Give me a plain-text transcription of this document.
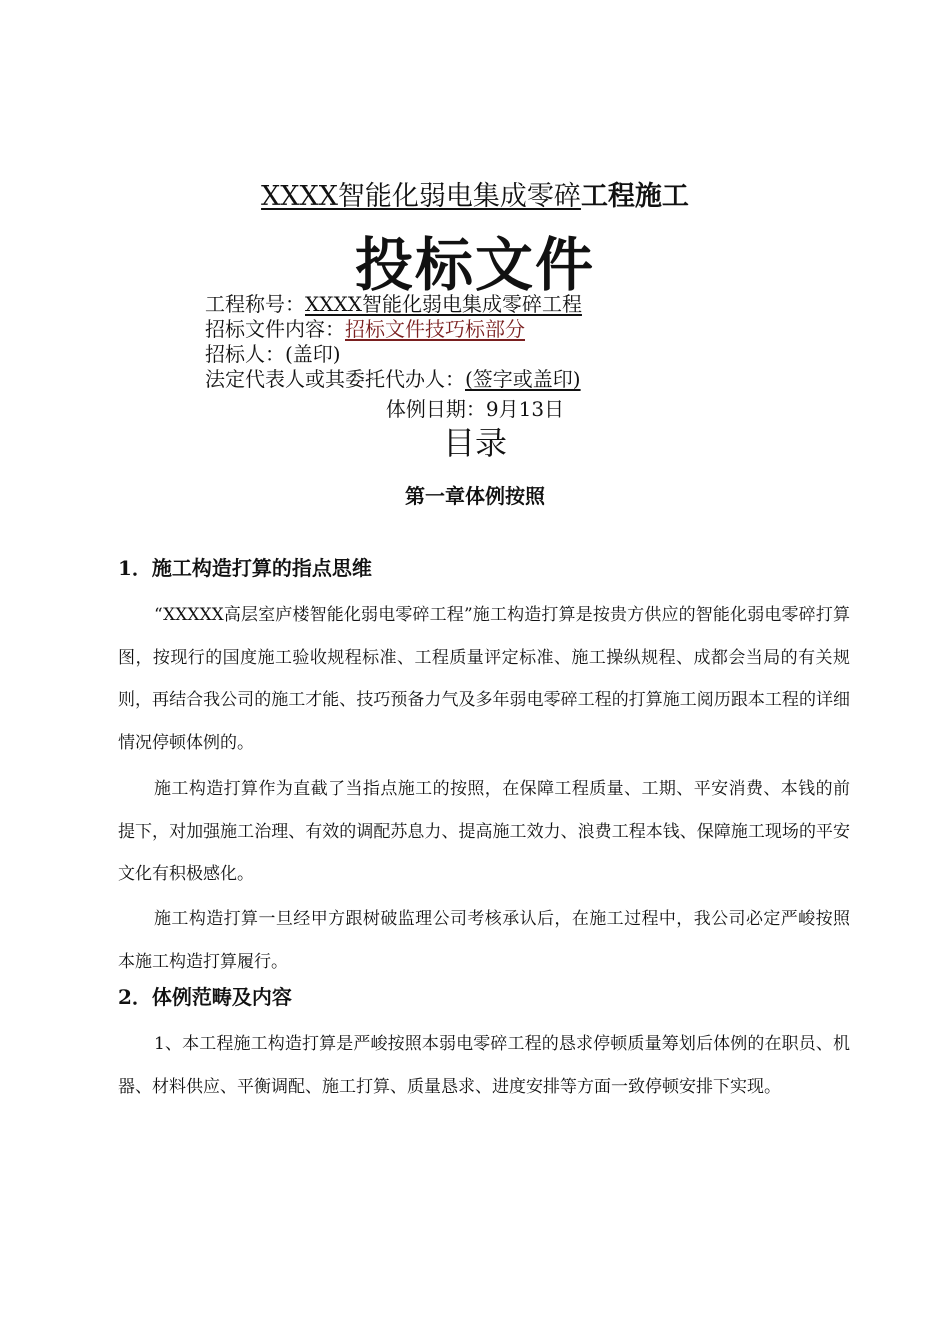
XXXX智能化弱电集成零碎工程施工
投标文件
工程称号：XXXX智能化弱电集成零碎工程
招标文件内容：招标文件技巧标部分
招标人：(盖印)
法定代表人或其委托代办人：(签字或盖印)
体例日期：9月13日
目录
第一章体例按照
1．施工构造打算的指点思维

“XXXXX高层室庐楼智能化弱电零碎工程”施工构造打算是按贵方供应的智能化弱电零碎打算图，按现行的国度施工验收规程标准、工程质量评定标准、施工操纵规程、成都会当局的有关规则，再结合我公司的施工才能、技巧预备力气及多年弱电零碎工程的打算施工阅历跟本工程的详细情况停顿体例的。

施工构造打算作为直截了当指点施工的按照，在保障工程质量、工期、平安消费、本钱的前提下，对加强施工治理、有效的调配苏息力、提高施工效力、浪费工程本钱、保障施工现场的平安文化有积极感化。

施工构造打算一旦经甲方跟树破监理公司考核承认后，在施工过程中，我公司必定严峻按照本施工构造打算履行。

2．体例范畴及内容

1、本工程施工构造打算是严峻按照本弱电零碎工程的恳求停顿质量筹划后体例的在职员、机器、材料供应、平衡调配、施工打算、质量恳求、进度安排等方面一致停顿安排下实现。
